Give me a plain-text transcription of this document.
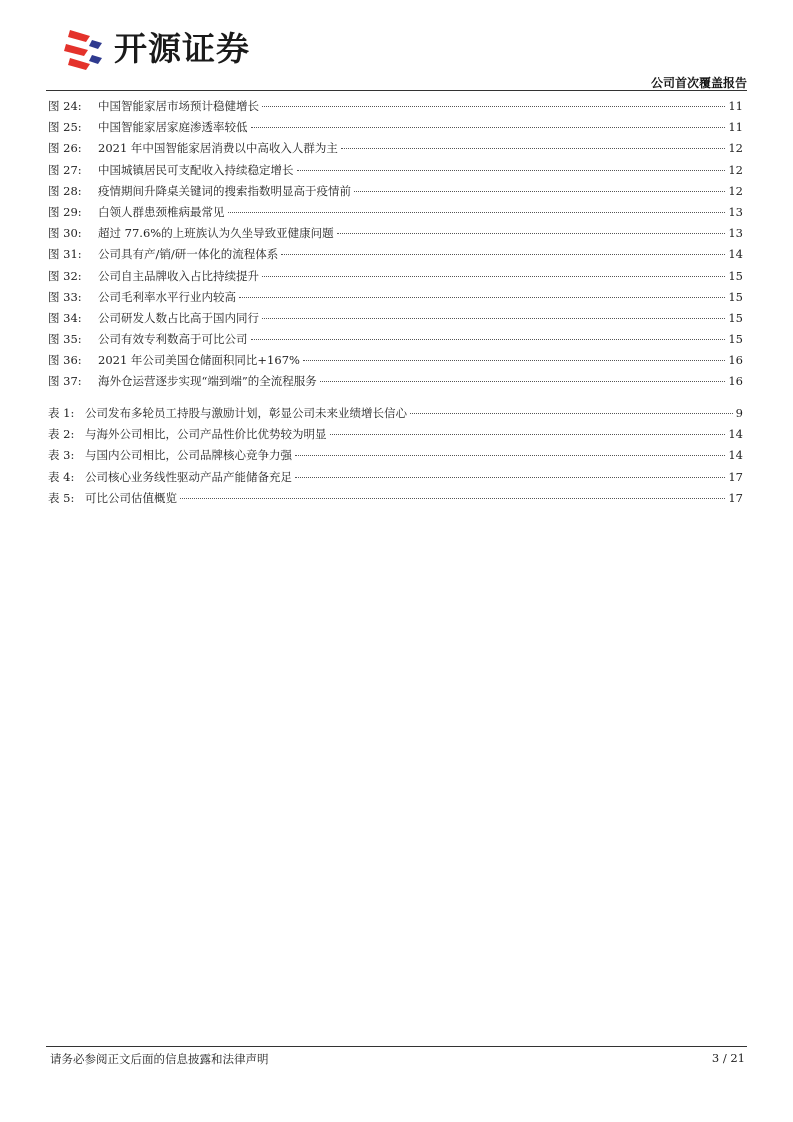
开源证券
公司首次覆盖报告
图 24:	中国智能家居市场预计稳健增长	11
图 25:	中国智能家居家庭渗透率较低	11
图 26:	2021 年中国智能家居消费以中高收入人群为主	12
图 27:	中国城镇居民可支配收入持续稳定增长	12
图 28:	疫情期间升降桌关键词的搜索指数明显高于疫情前	12
图 29:	白领人群患颈椎病最常见	13
图 30:	超过 77.6%的上班族认为久坐导致亚健康问题	13
图 31:	公司具有产/销/研一体化的流程体系	14
图 32:	公司自主品牌收入占比持续提升	15
图 33:	公司毛利率水平行业内较高	15
图 34:	公司研发人数占比高于国内同行	15
图 35:	公司有效专利数高于可比公司	15
图 36:	2021 年公司美国仓储面积同比+167%	16
图 37:	海外仓运营逐步实现“端到端”的全流程服务	16
表 1: 公司发布多轮员工持股与激励计划，彰显公司未来业绩增长信心	9
表 2: 与海外公司相比，公司产品性价比优势较为明显	14
表 3: 与国内公司相比，公司品牌核心竞争力强	14
表 4: 公司核心业务线性驱动产品产能储备充足	17
表 5: 可比公司估值概览	17
请务必参阅正文后面的信息披露和法律声明	3 / 21
